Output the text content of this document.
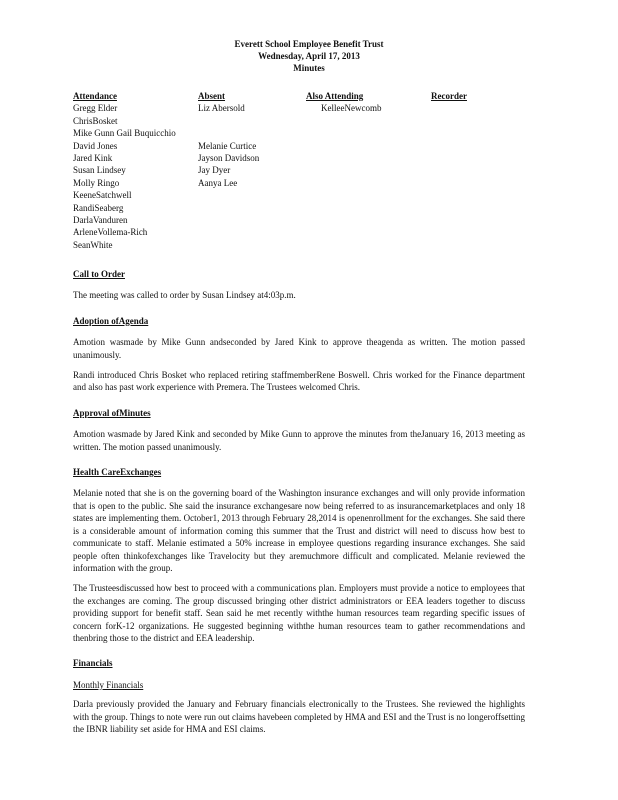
Everett School Employee Benefit Trust
Wednesday, April 17, 2013
Minutes
Attendance
Gregg Elder
ChrisBosket
Mike Gunn Gail Buquicchio
David Jones
Jared Kink
Susan Lindsey
Molly Ringo
KeeneSatchwell
RandiSeaberg
DarlaVanduren
ArleneVollema-Rich
SeanWhite
Absent
Liz Abersold
Melanie Curtice
Jayson Davidson
Jay Dyer
Aanya Lee
Also Attending
KelleeNewcomb
Recorder
Call to Order

The meeting was called to order by Susan Lindsey at4:03p.m.

Adoption ofAgenda

Amotion wasmade by Mike Gunn andseconded by Jared Kink to approve theagenda as written. The motion passed unanimously.

Randi introduced Chris Bosket who replaced retiring staffmemberRene Boswell. Chris worked for the Finance department and also has past work experience with Premera. The Trustees welcomed Chris.

Approval ofMinutes

Amotion wasmade by Jared Kink and seconded by Mike Gunn to approve the minutes from theJanuary 16, 2013 meeting as written. The motion passed unanimously.

Health CareExchanges

Melanie noted that she is on the governing board of the Washington insurance exchanges and will only provide information that is open to the public. She said the insurance exchangesare now being referred to as insurancemarketplaces and only 18 states are implementing them. October1, 2013 through February 28,2014 is openenrollment for the exchanges. She said there is a considerable amount of information coming this summer that the Trust and district will need to discuss how best to communicate to staff. Melanie estimated a 50% increase in employee questions regarding insurance exchanges. She said people often thinkofexchanges like Travelocity but they aremuchmore difficult and complicated. Melanie reviewed the information with the group.

The Trusteesdiscussed how best to proceed with a communications plan. Employers must provide a notice to employees that the exchanges are coming. The group discussed bringing other district administrators or EEA leaders together to discuss providing support for benefit staff. Sean said he met recently withthe human resources team regarding specific issues of concern forK-12 organizations. He suggested beginning withthe human resources team to gather recommendations and thenbring those to the district and EEA leadership.

Financials
Monthly Financials

Darla previously provided the January and February financials electronically to the Trustees. She reviewed the highlights with the group. Things to note were run out claims havebeen completed by HMA and ESI and the Trust is no longeroffsetting the IBNR liability set aside for HMA and ESI claims.
